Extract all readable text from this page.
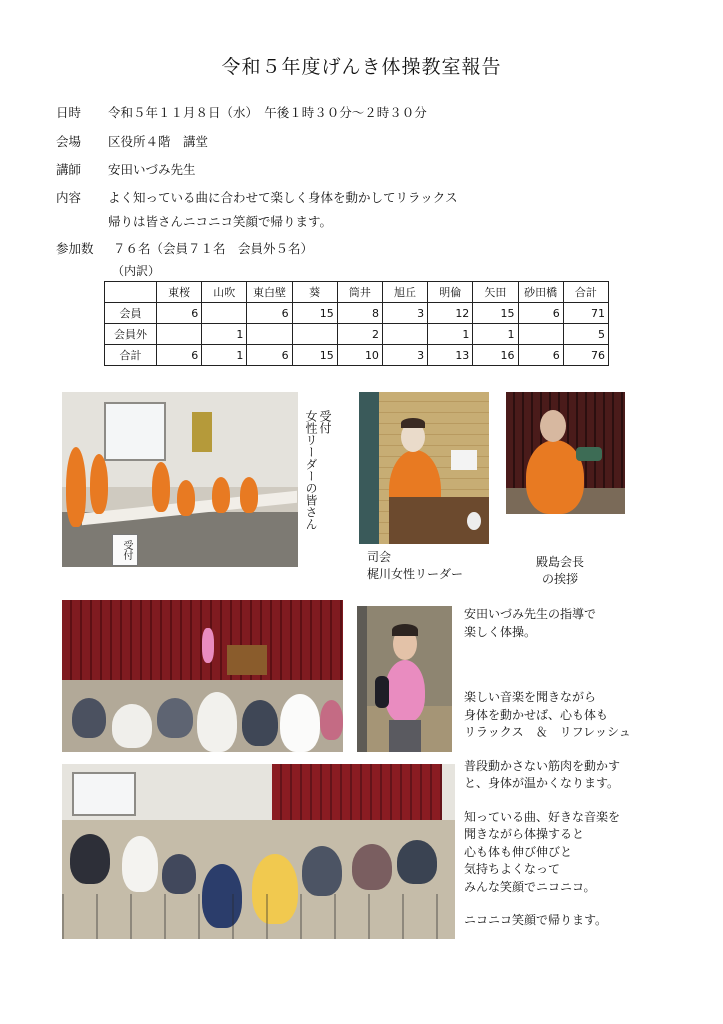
令和５年度げんき体操教室報告
日時 令和５年１１月８日（水）　午後１時３０分～２時３０分
会場 区役所４階　講堂
講師 安田いづみ先生
内容 よく知っている曲に合わせて楽しく身体を動かしてリラックス
帰りは皆さんニコニコ笑顔で帰ります。
参加数 ７６名（会員７１名　会員外５名）
（内訳）
	東桜	山吹	東白壁	葵	筒井	旭丘	明倫	矢田	砂田橋	合計
会員	6		6	15	8	3	12	15	6	71
会員外		1			2		1	1		5
合計	6	1	6	15	10	3	13	16	6	76
受付
受付
女性リーダーの皆さん
司会
梶川女性リーダー
殿島会長
の挨拶
安田いづみ先生の指導で
楽しく体操。
楽しい音楽を聞きながら
身体を動かせば、心も体も
リラックス　＆　リフレッシュ
普段動かさない筋肉を動かす
と、身体が温かくなります。
知っている曲、好きな音楽を
聞きながら体操すると
心も体も伸び伸びと
気持ちよくなって
みんな笑顔でニコニコ。
ニコニコ笑顔で帰ります。
